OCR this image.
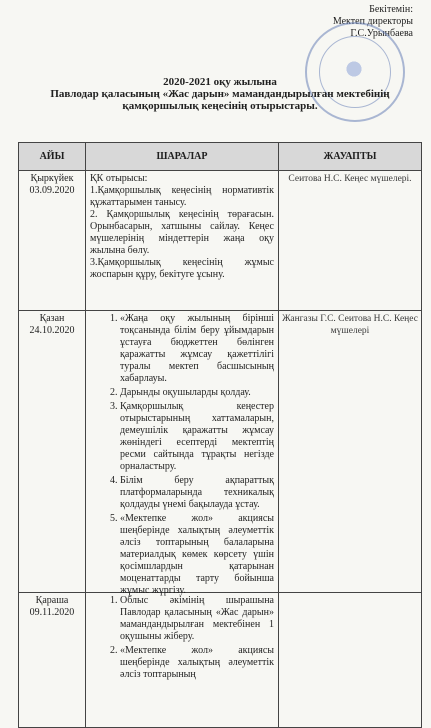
Бекітемін:
Мектеп директоры
Г.С.Урынбаева
2020-2021 оқу жылына
Павлодар қаласының «Жас дарын» мамандандырылған мектебінің
қамқоршылық кеңесінің отырыстары.
АЙЫ	ШАРАЛАР	ЖАУАПТЫ
Қыркүйек 03.09.2020

ҚК отырысы:

1.Қамқоршылық кеңесінің нормативтік құжаттарымен танысу.

2. Қамқоршылық кеңесінің төрағасын. Орынбасарын, хатшыны сайлау. Кеңес мүшелерінің міндеттерін жаңа оқу жылына бөлу.

3.Қамқоршылық кеңесінің жұмыс жоспарын құру, бекітуге ұсыну.

Сеитова Н.С. Кеңес мүшелері.
Қазан 24.10.2020
1. «Жаңа оқу жылының бірінші тоқсанында білім беру ұйымдарын ұстауға бюджеттен бөлінген қаражатты жұмсау қажеттілігі туралы мектеп басшысының хабарлауы.
2. Дарынды оқушыларды қолдау.
3. Қамқоршылық кеңестер отырыстарының хаттамаларын, демеушілік қаражатты жұмсау жөніндегі есептерді мектептің ресми сайтында тұрақты негізде орналастыру.
4. Білім беру ақпараттық платформаларында техникалық қолдауды үнемі бақылауда ұстау.
5. «Мектепке жол» акциясы шеңберінде халықтың әлеуметтік әлсіз топтарының балаларына материалдық көмек көрсету үшін қосімшлардын қатарынан моценаттарды тарту бойынша жұмыс жүргізу.
Жангазы Г.С. Сеитова Н.С. Кеңес мүшелері
Қараша 09.11.2020
1. Облыс әкімінің шырашына Павлодар қаласының «Жас дарын» мамандандырылған мектебінен 1 оқушыны жіберу.
2. «Мектепке жол» акциясы шеңберінде халықтың әлеуметтік әлсіз топтарының
